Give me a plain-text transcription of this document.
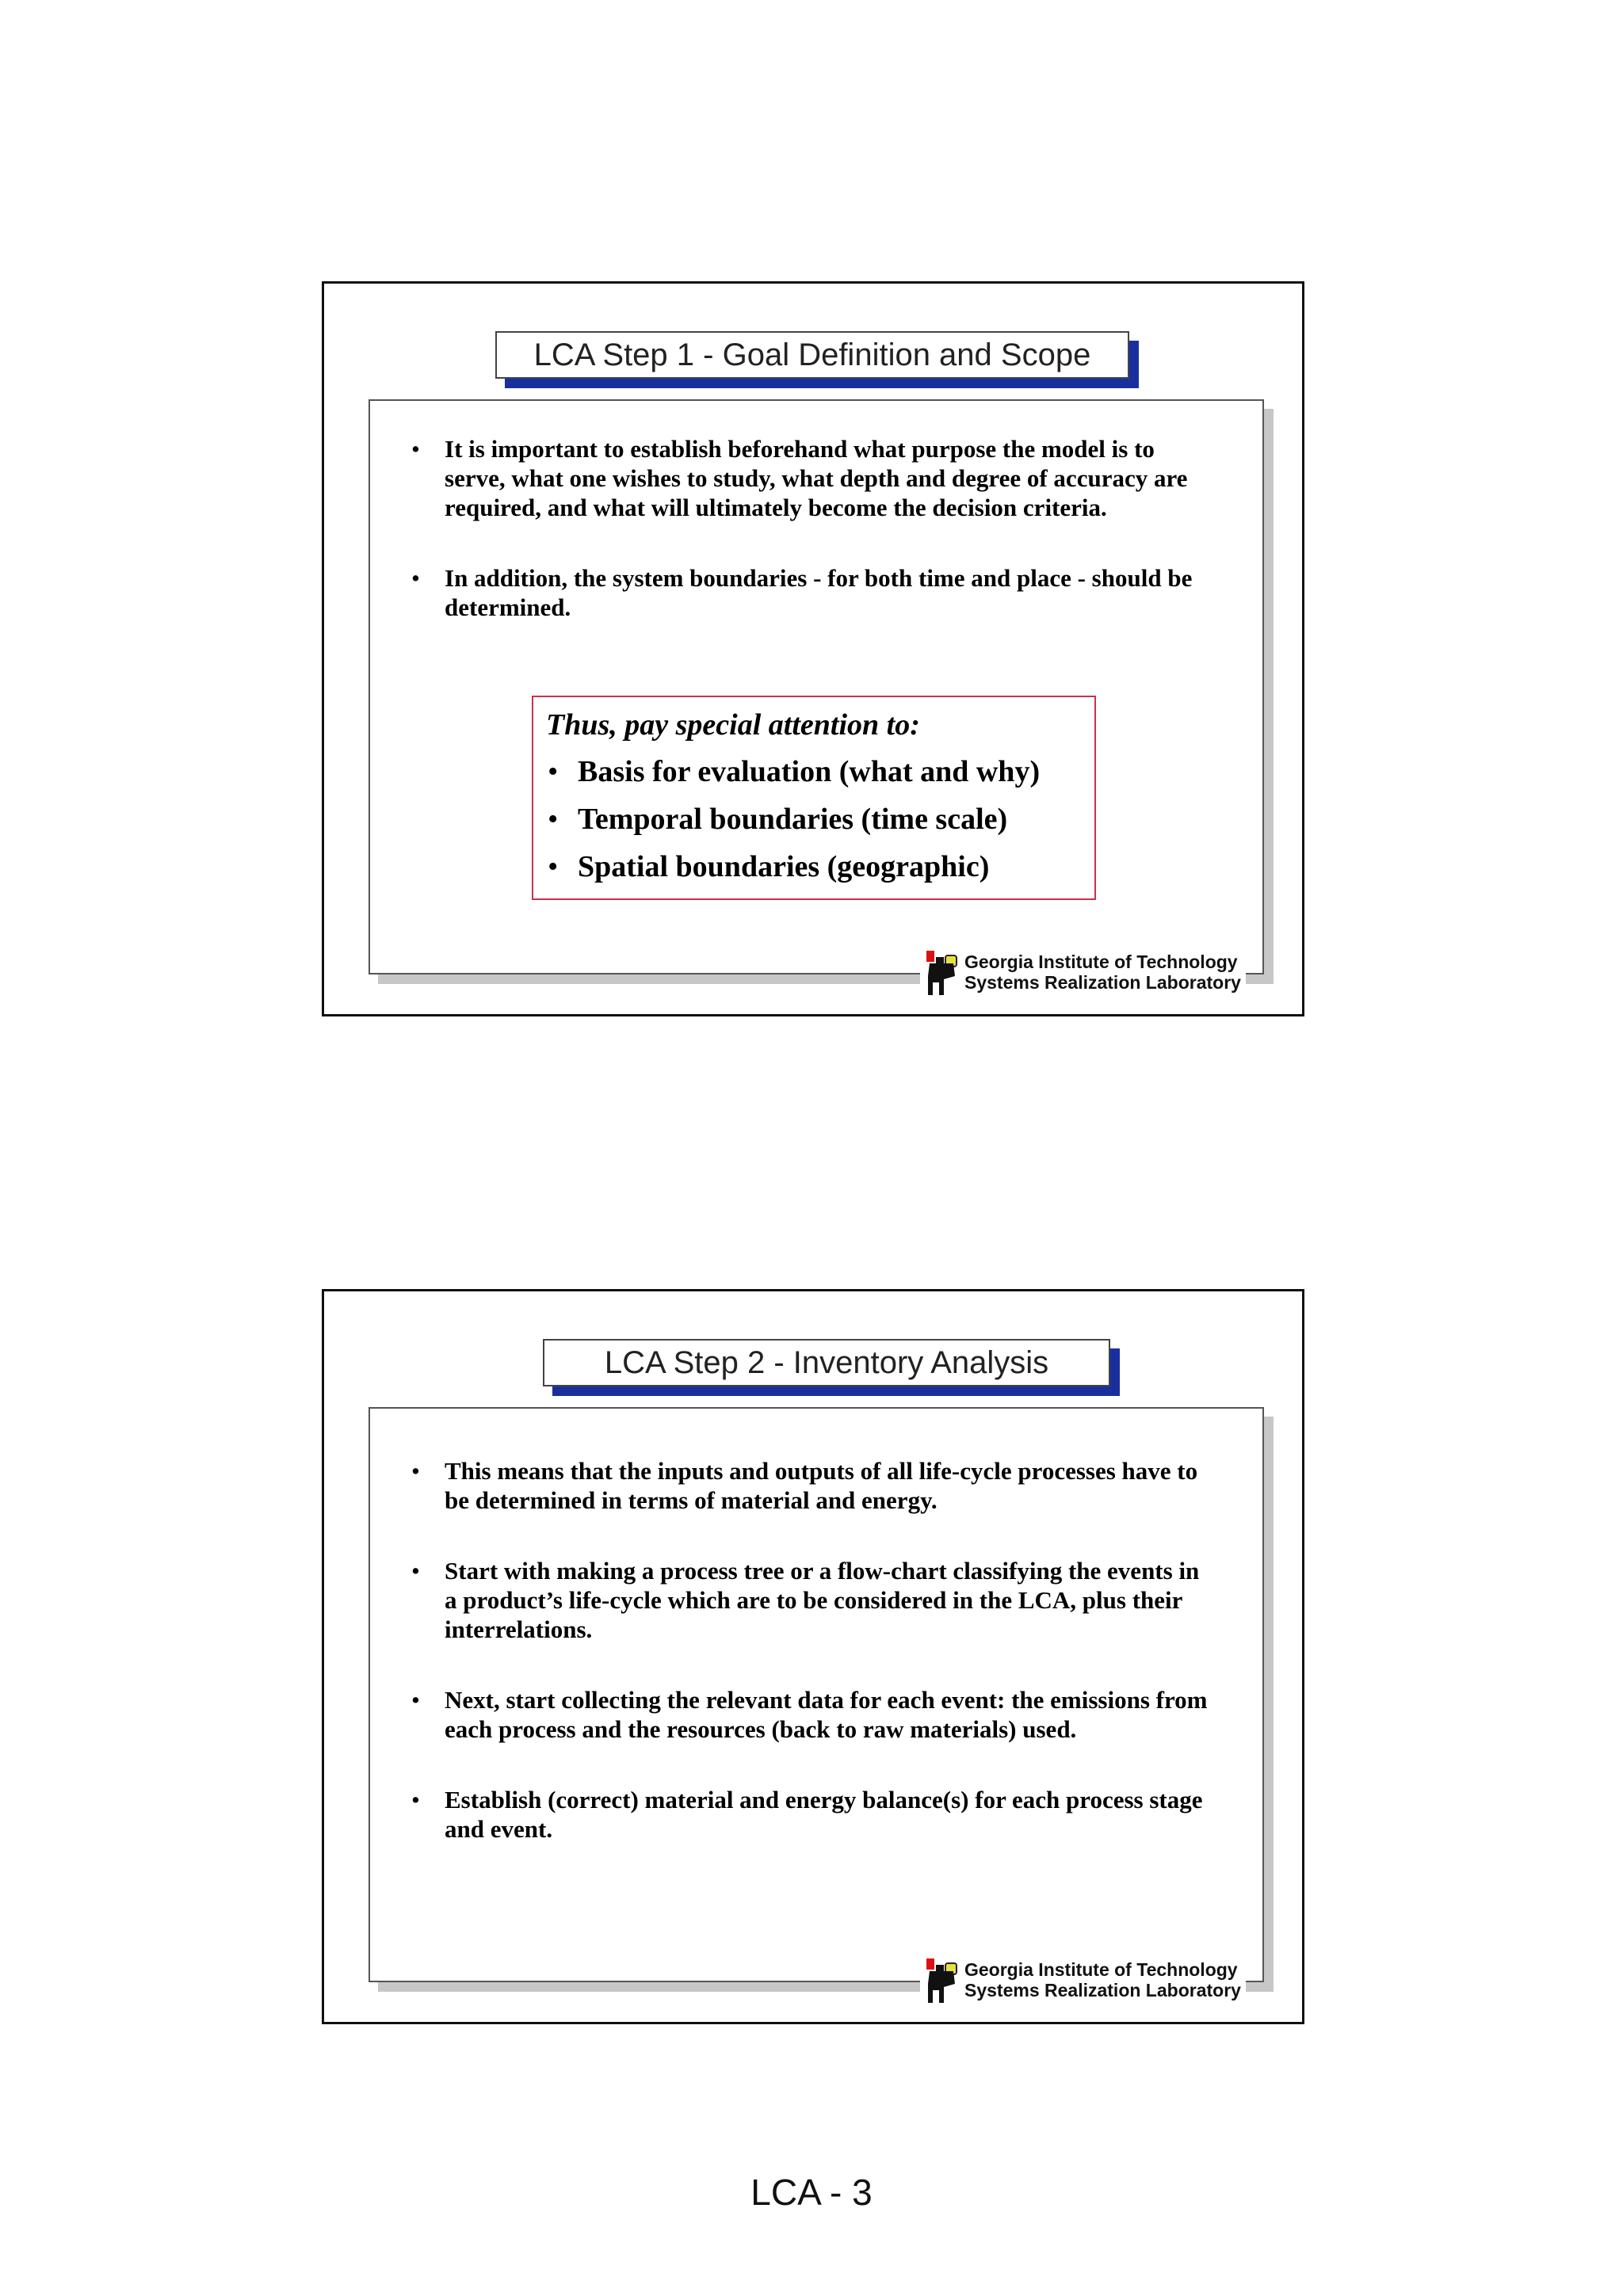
LCA Step 1 - Goal Definition and Scope
• It is important to establish beforehand what purpose the model is to serve, what one wishes to study, what depth and degree of accuracy are required, and what will ultimately become the decision criteria.
• In addition, the system boundaries - for both time and place - should be determined.
Thus, pay special attention to:
• Basis for evaluation (what and why)
• Temporal boundaries (time scale)
• Spatial boundaries (geographic)
Georgia Institute of Technology
Systems Realization Laboratory
LCA Step 2 - Inventory Analysis
• This means that the inputs and outputs of all life-cycle processes have to be determined in terms of material and energy.
• Start with making a process tree or a flow-chart classifying the events in a product’s life-cycle which are to be considered in the LCA, plus their interrelations.
• Next, start collecting the relevant data for each event: the emissions from each process and the resources (back to raw materials) used.
• Establish (correct) material and energy balance(s) for each process stage and event.
Georgia Institute of Technology
Systems Realization Laboratory
LCA - 3
